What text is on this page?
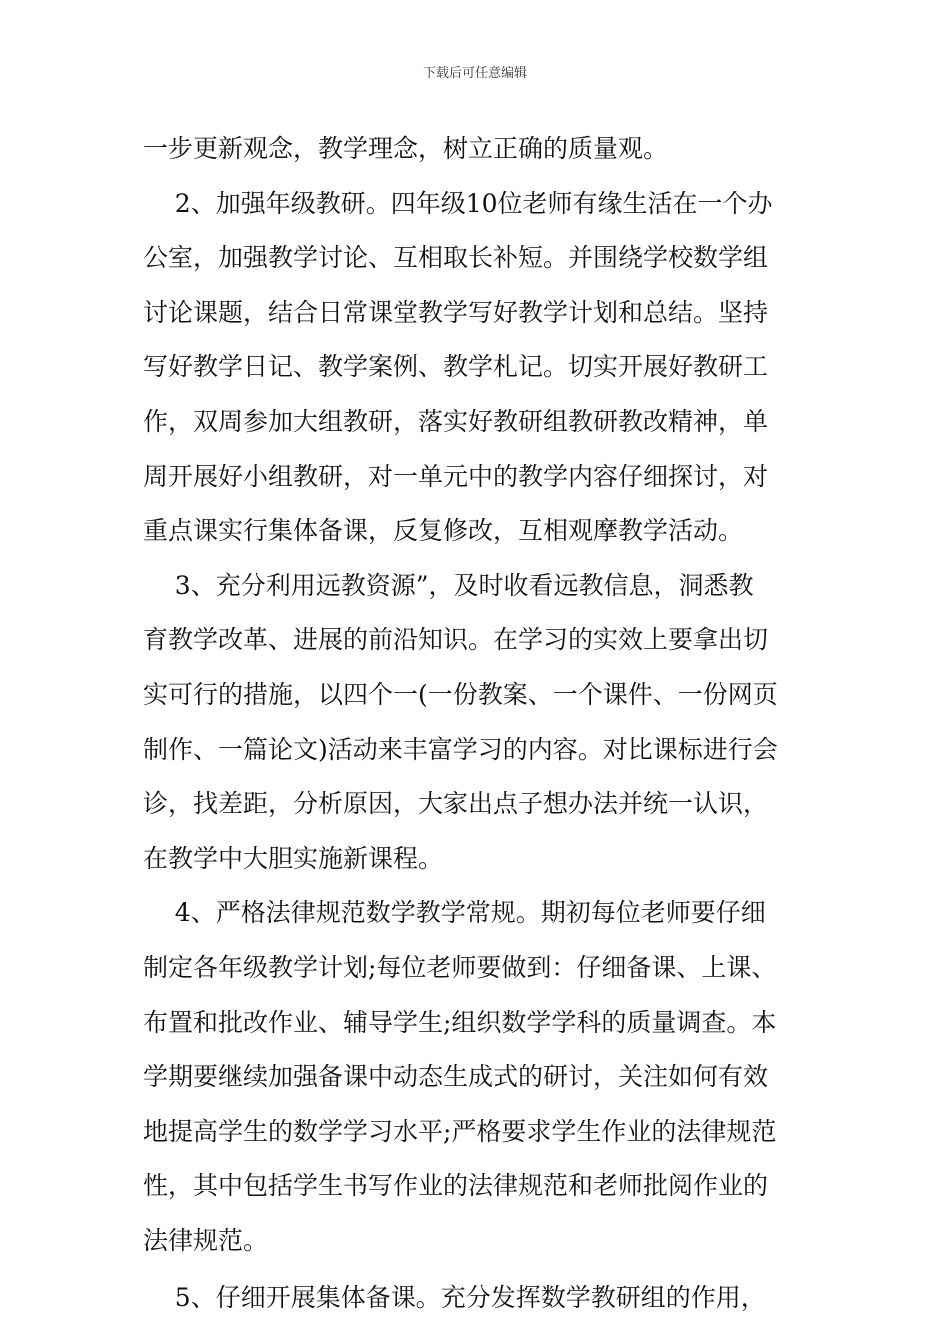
下载后可任意编辑
一步更新观念，教学理念，树立正确的质量观。
2、加强年级教研。四年级10位老师有缘生活在一个办
公室，加强教学讨论、互相取长补短。并围绕学校数学组
讨论课题，结合日常课堂教学写好教学计划和总结。坚持
写好教学日记、教学案例、教学札记。切实开展好教研工
作，双周参加大组教研，落实好教研组教研教改精神，单
周开展好小组教研，对一单元中的教学内容仔细探讨，对
重点课实行集体备课，反复修改，互相观摩教学活动。
3、充分利用远教资源”，及时收看远教信息，洞悉教
育教学改革、进展的前沿知识。在学习的实效上要拿出切
实可行的措施，以四个一(一份教案、一个课件、一份网页
制作、一篇论文)活动来丰富学习的内容。对比课标进行会
诊，找差距，分析原因，大家出点子想办法并统一认识，
在教学中大胆实施新课程。
4、严格法律规范数学教学常规。期初每位老师要仔细
制定各年级教学计划;每位老师要做到：仔细备课、上课、
布置和批改作业、辅导学生;组织数学学科的质量调查。本
学期要继续加强备课中动态生成式的研讨，关注如何有效
地提高学生的数学学习水平;严格要求学生作业的法律规范
性，其中包括学生书写作业的法律规范和老师批阅作业的
法律规范。
5、仔细开展集体备课。充分发挥数学教研组的作用，
